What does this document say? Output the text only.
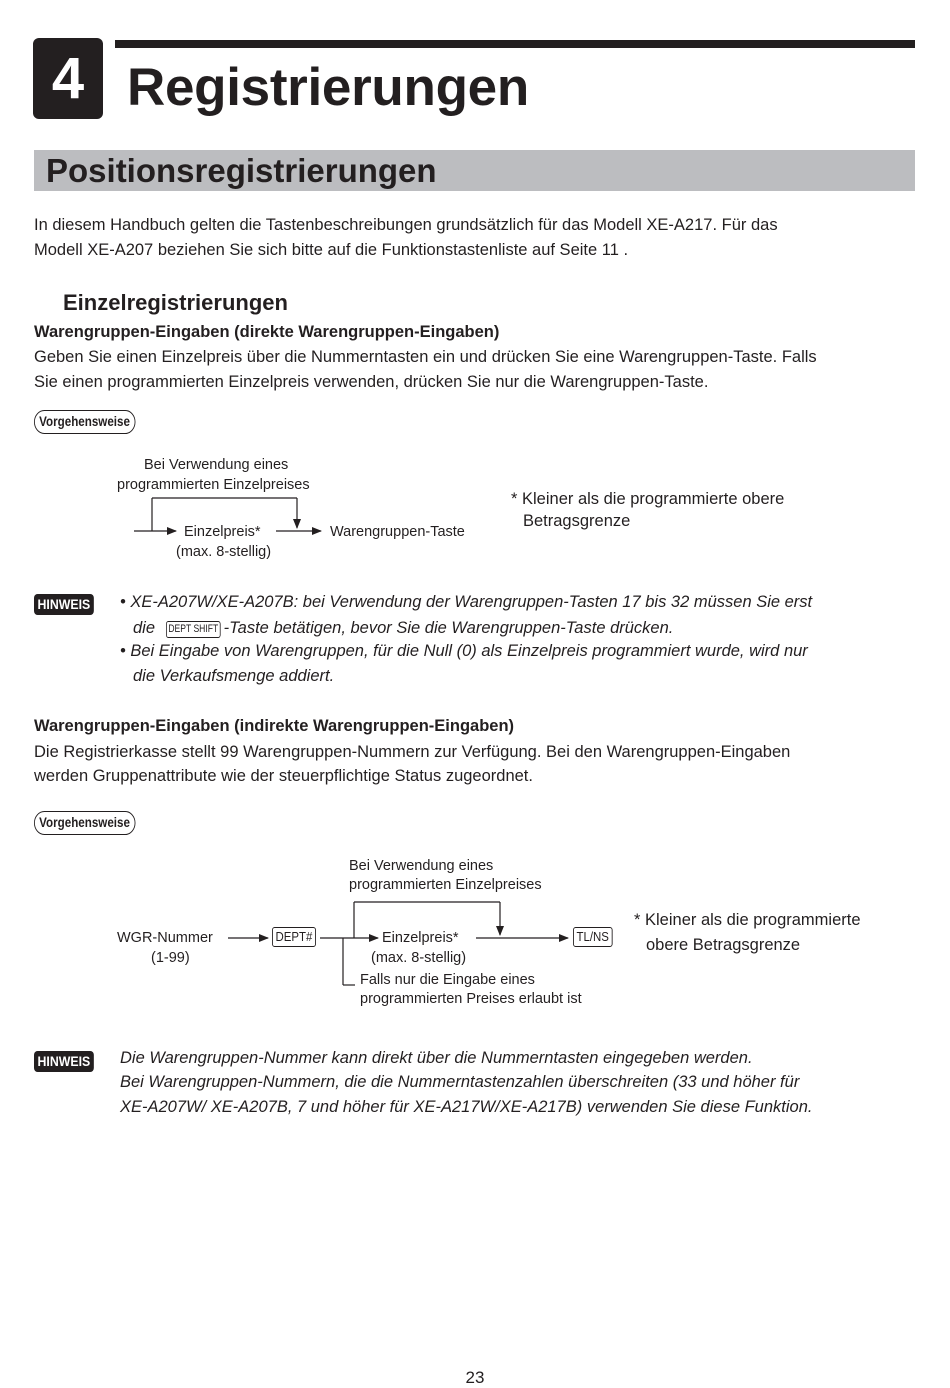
4 Registrierungen
Positionsregistrierungen
In diesem Handbuch gelten die Tastenbeschreibungen grundsätzlich für das Modell XE-A217. Für das
Modell XE-A207 beziehen Sie sich bitte auf die Funktionstastenliste auf Seite 11 .
Einzelregistrierungen
Warengruppen-Eingaben (direkte Warengruppen-Eingaben)
Geben Sie einen Einzelpreis über die Nummerntasten ein und drücken Sie eine Warengruppen-Taste. Falls
Sie einen programmierten Einzelpreis verwenden, drücken Sie nur die Warengruppen-Taste.
Vorgehensweise
Bei Verwendung eines
programmierten Einzelpreises
Einzelpreis*
(max. 8-stellig)
Warengruppen-Taste
* Kleiner als die programmierte obere
Betragsgrenze
HINWEIS • XE-A207W/XE-A207B: bei Verwendung der Warengruppen-Tasten 17 bis 32 müssen Sie erst
die DEPT SHIFT -Taste betätigen, bevor Sie die Warengruppen-Taste drücken.
• Bei Eingabe von Warengruppen, für die Null (0) als Einzelpreis programmiert wurde, wird nur
die Verkaufsmenge addiert.
Warengruppen-Eingaben (indirekte Warengruppen-Eingaben)
Die Registrierkasse stellt 99 Warengruppen-Nummern zur Verfügung. Bei den Warengruppen-Eingaben
werden Gruppenattribute wie der steuerpflichtige Status zugeordnet.
Vorgehensweise
Bei Verwendung eines
programmierten Einzelpreises
WGR-Nummer
(1-99)
DEPT#	Einzelpreis*
(max. 8-stellig)
TL/NS
Falls nur die Eingabe eines
programmierten Preises erlaubt ist
* Kleiner als die programmierte
obere Betragsgrenze
HINWEIS Die Warengruppen-Nummer kann direkt über die Nummerntasten eingegeben werden.
Bei Warengruppen-Nummern, die die Nummerntastenzahlen überschreiten (33 und höher für
XE-A207W/ XE-A207B, 7 und höher für XE-A217W/XE-A217B) verwenden Sie diese Funktion.
23
